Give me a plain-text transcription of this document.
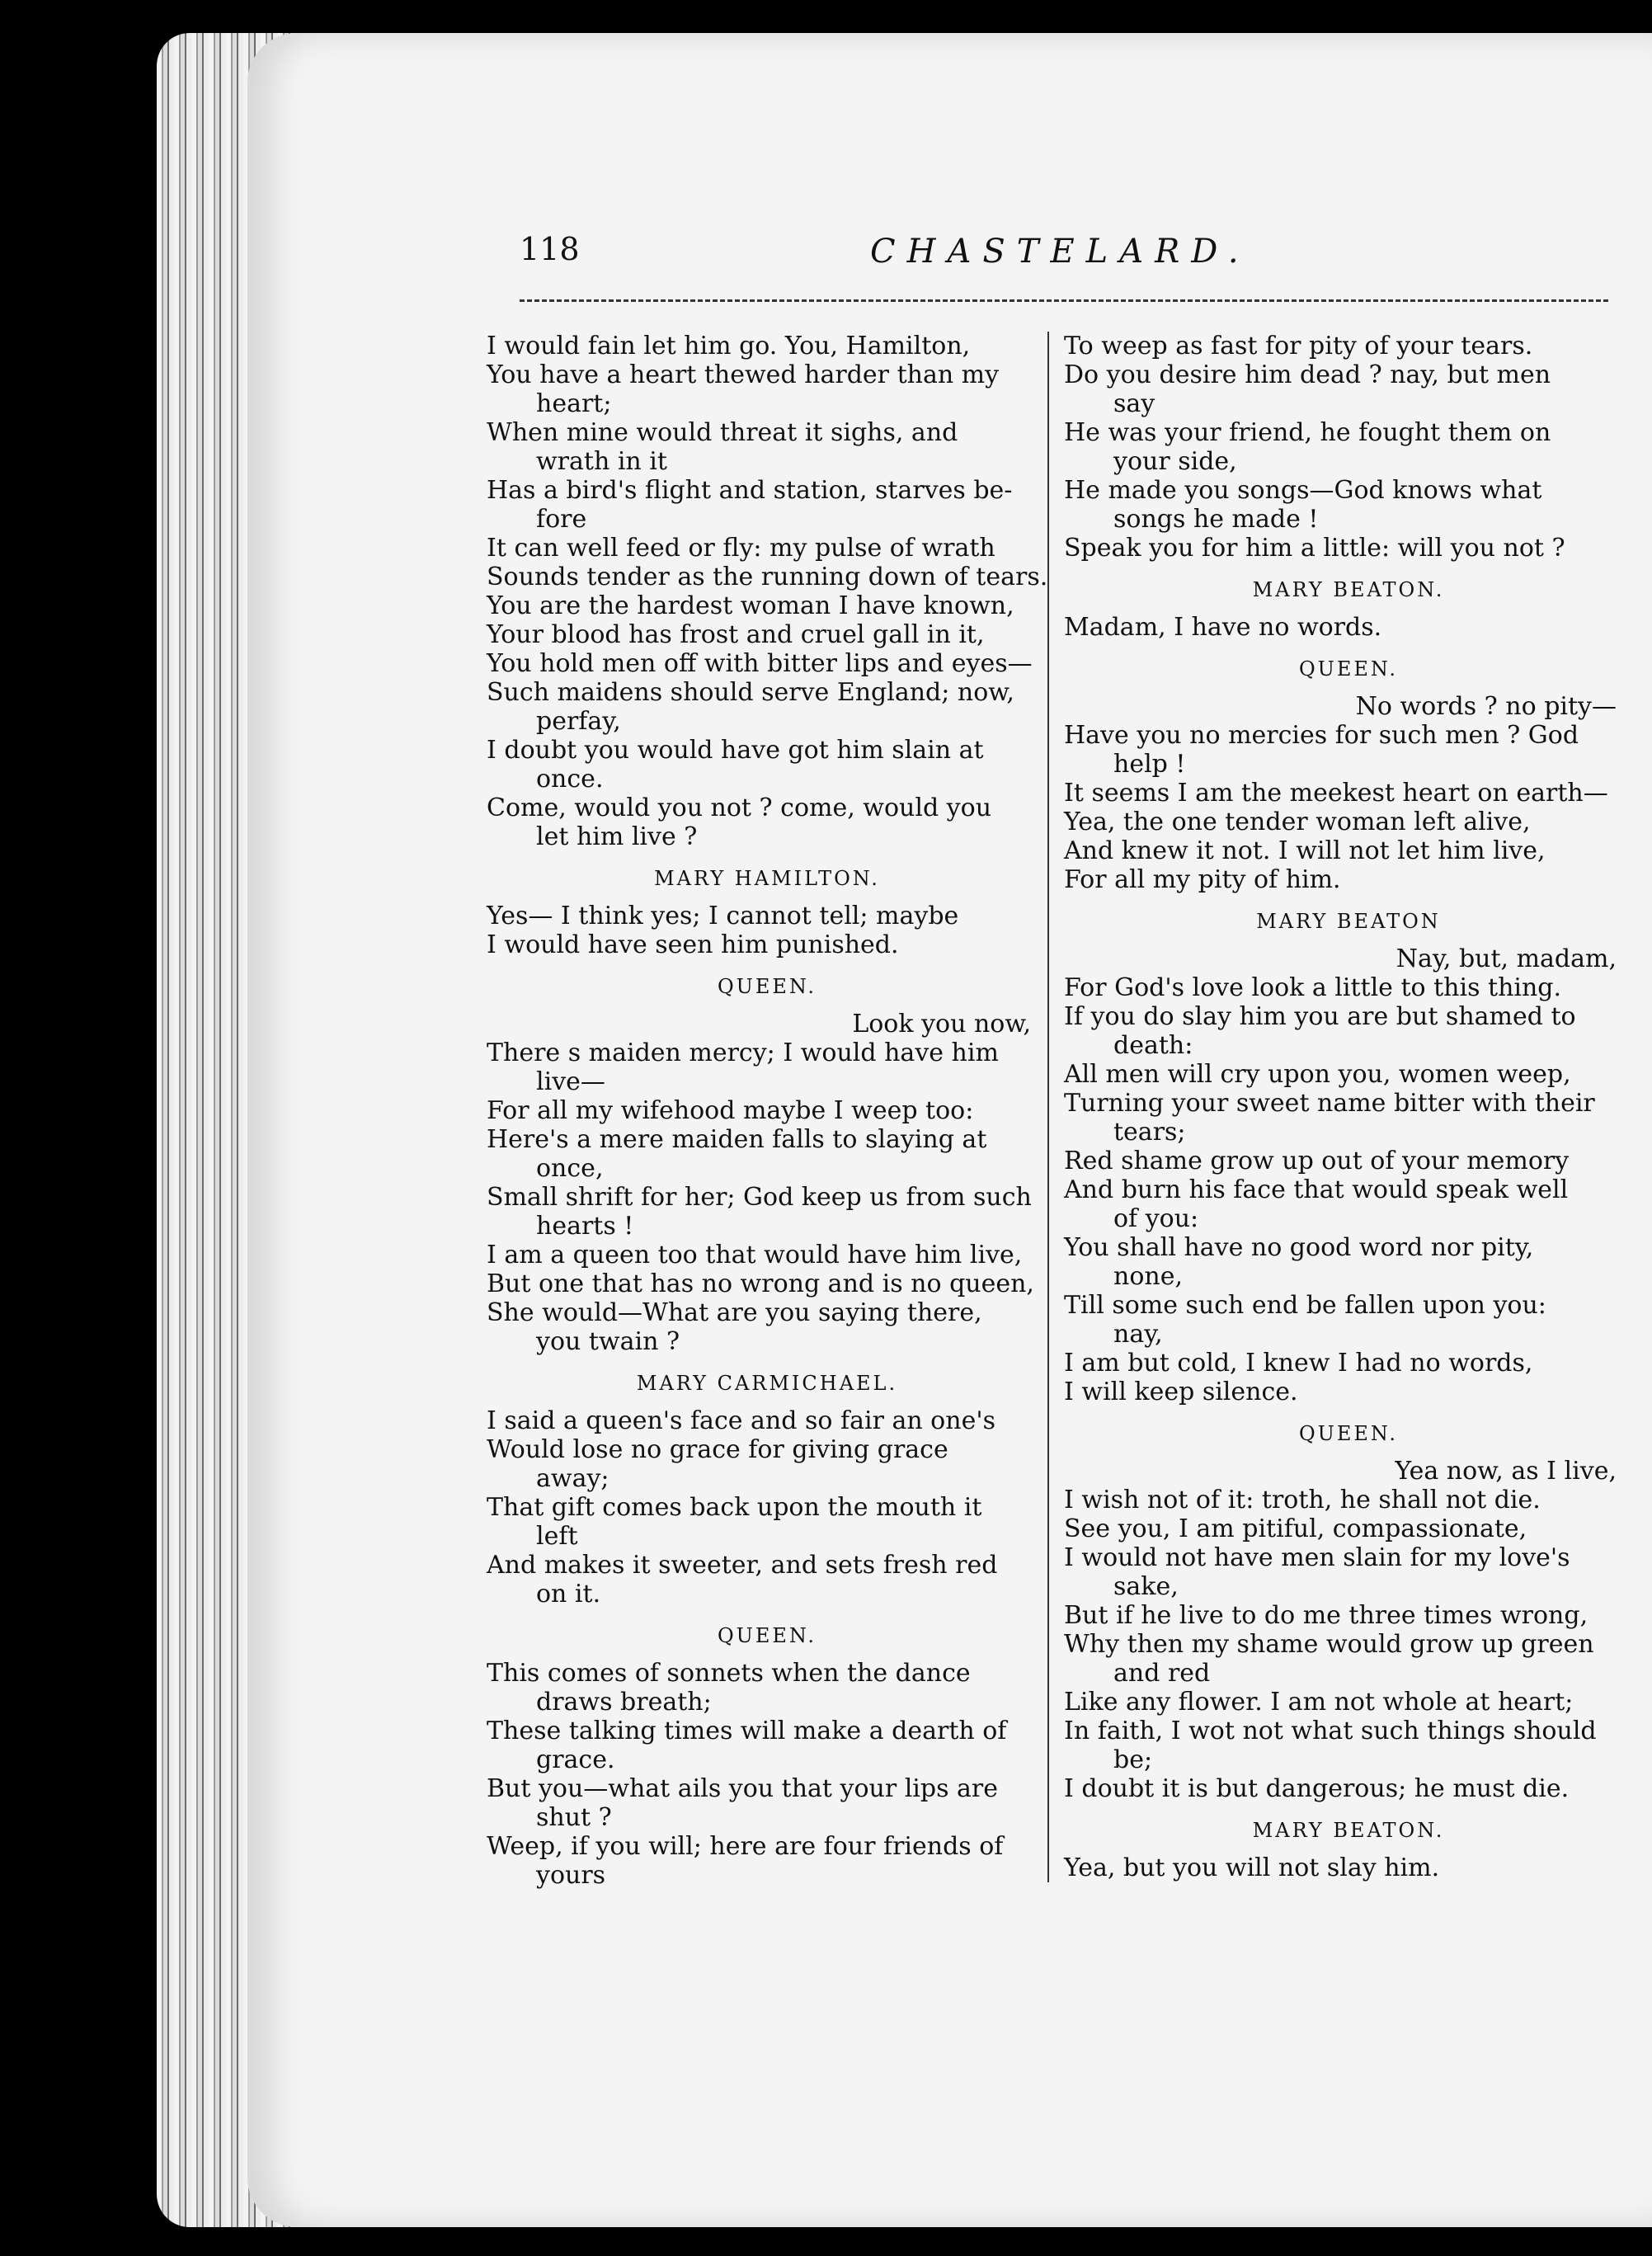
118	CHASTELARD.
I would fain let him go. You, Hamilton,
You have a heart thewed harder than my
heart;
When mine would threat it sighs, and
wrath in it
Has a bird's flight and station, starves be-
fore
It can well feed or fly: my pulse of wrath
Sounds tender as the running down of tears.
You are the hardest woman I have known,
Your blood has frost and cruel gall in it,
You hold men off with bitter lips and eyes—
Such maidens should serve England; now,
perfay,
I doubt you would have got him slain at
once.
Come, would you not ? come, would you
let him live ?
MARY HAMILTON.
Yes— I think yes; I cannot tell; maybe
I would have seen him punished.
QUEEN.
Look you now,
There s maiden mercy; I would have him
live—
For all my wifehood maybe I weep too:
Here's a mere maiden falls to slaying at
once,
Small shrift for her; God keep us from such
hearts !
I am a queen too that would have him live,
But one that has no wrong and is no queen,
She would—What are you saying there,
you twain ?
MARY CARMICHAEL.
I said a queen's face and so fair an one's
Would lose no grace for giving grace
away;
That gift comes back upon the mouth it
left
And makes it sweeter, and sets fresh red
on it.
QUEEN.
This comes of sonnets when the dance
draws breath;
These talking times will make a dearth of
grace.
But you—what ails you that your lips are
shut ?
Weep, if you will; here are four friends of
yours
To weep as fast for pity of your tears.
Do you desire him dead ? nay, but men
say
He was your friend, he fought them on
your side,
He made you songs—God knows what
songs he made !
Speak you for him a little: will you not ?
MARY BEATON.
Madam, I have no words.
QUEEN.
No words ? no pity—
Have you no mercies for such men ? God
help !
It seems I am the meekest heart on earth—
Yea, the one tender woman left alive,
And knew it not. I will not let him live,
For all my pity of him.
MARY BEATON
Nay, but, madam,
For God's love look a little to this thing.
If you do slay him you are but shamed to
death:
All men will cry upon you, women weep,
Turning your sweet name bitter with their
tears;
Red shame grow up out of your memory
And burn his face that would speak well
of you:
You shall have no good word nor pity,
none,
Till some such end be fallen upon you:
nay,
I am but cold, I knew I had no words,
I will keep silence.
QUEEN.
Yea now, as I live,
I wish not of it: troth, he shall not die.
See you, I am pitiful, compassionate,
I would not have men slain for my love's
sake,
But if he live to do me three times wrong,
Why then my shame would grow up green
and red
Like any flower. I am not whole at heart;
In faith, I wot not what such things should
be;
I doubt it is but dangerous; he must die.
MARY BEATON.
Yea, but you will not slay him.
